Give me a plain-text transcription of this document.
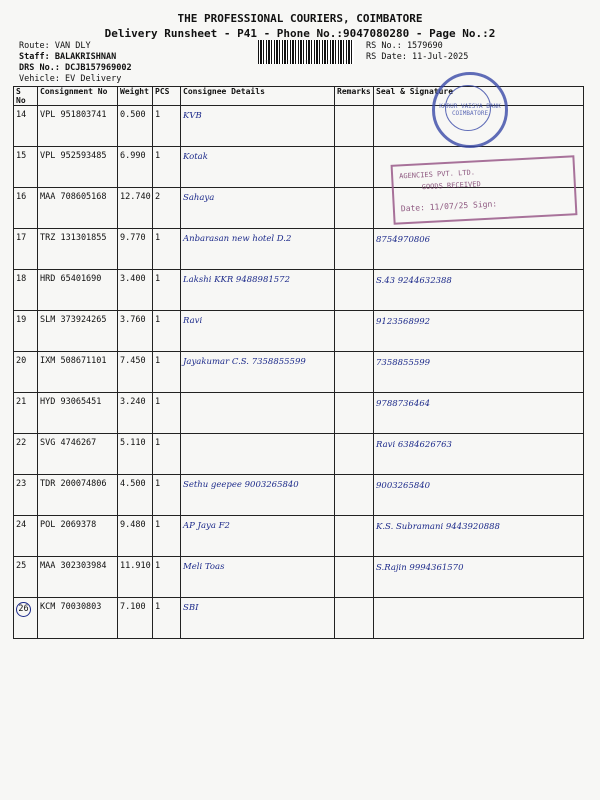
THE PROFESSIONAL COURIERS, COIMBATORE
Delivery Runsheet - P41 - Phone No.:9047080280 - Page No.:2
Route: VAN DLY
Staff: BALAKRISHNAN
DRS No.: DCJB157969002
Vehicle: EV Delivery
RS No.: 1579690
RS Date: 11-Jul-2025
S No	Consignment No	Weight	PCS	Consignee Details	Remarks	Seal & Signature
14	VPL 951803741	0.500	1	KVB		
15	VPL 952593485	6.990	1	Kotak		
16	MAA 708605168	12.740	2	Sahaya		
17	TRZ 131301855	9.770	1	Anbarasan new hotel D.2		8754970806
18	HRD 65401690	3.400	1	Lakshi KKR 9488981572		S.43 9244632388
19	SLM 373924265	3.760	1	Ravi		9123568992
20	IXM 508671101	7.450	1	Jayakumar C.S. 7358855599		7358855599
21	HYD 93065451	3.240	1			9788736464
22	SVG 4746267	5.110	1			Ravi 6384626763
23	TDR 200074806	4.500	1	Sethu geepee 9003265840		9003265840
24	POL 2069378	9.480	1	AP Jaya F2		K.S. Subramani 9443920888
25	MAA 302303984	11.910	1	Meli Toas		S.Rajin 9994361570
26	KCM 70030803	7.100	1	SBI		
KARUR VAISYA BANK COIMBATORE
AGENCIES PVT. LTD.
GOODS RECEIVED
Date: 11/07/25 Sign:
